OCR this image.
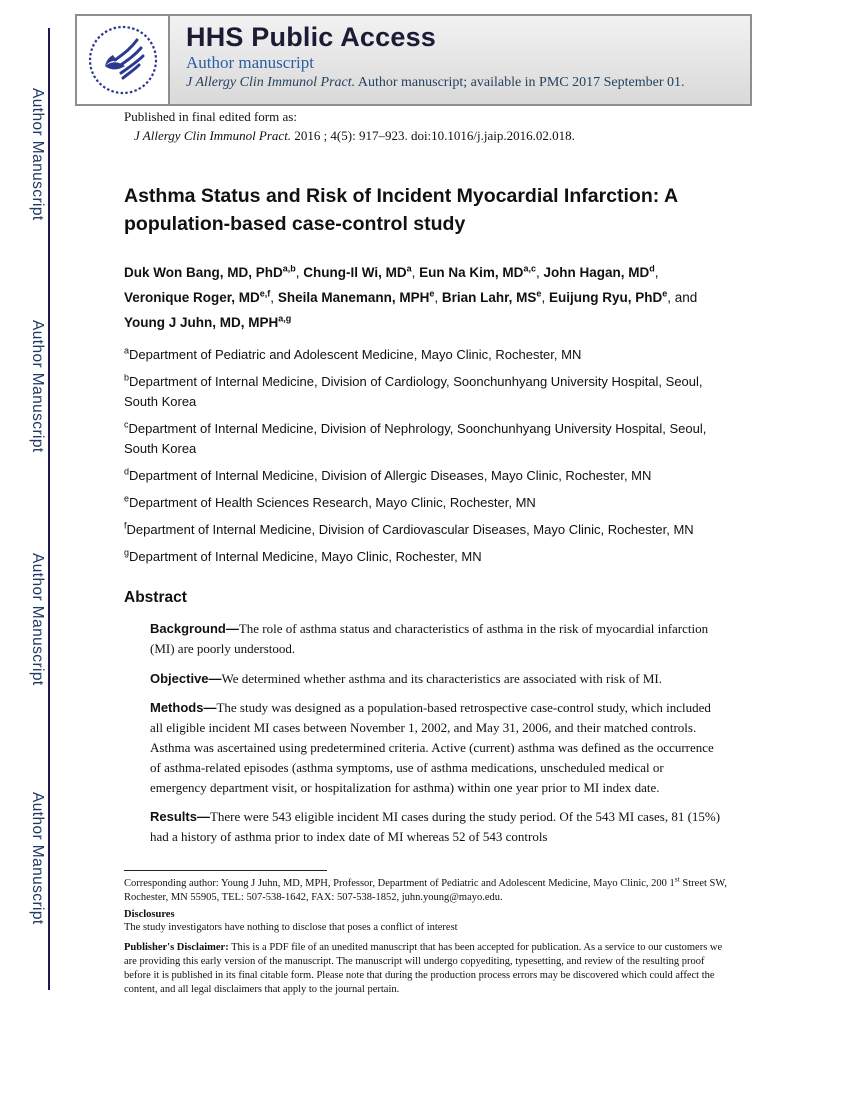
Author Manuscript
Author Manuscript
Author Manuscript
Author Manuscript
HHS Public Access
Author manuscript
J Allergy Clin Immunol Pract. Author manuscript; available in PMC 2017 September 01.
Published in final edited form as:
J Allergy Clin Immunol Pract. 2016 ; 4(5): 917–923. doi:10.1016/j.jaip.2016.02.018.
Asthma Status and Risk of Incident Myocardial Infarction: A population-based case-control study
Duk Won Bang, MD, PhD$^{a,b}$, Chung-Il Wi, $MD^a$, Eun Na Kim, MD$^{a,c}$, John Hagan, $MD^d$, Veronique Roger, MD$^{e,f}$, Sheila Manemann, MPH$^e$, Brian Lahr, $MS^e$, Euijung Ryu, PhD$^e$, and Young J Juhn, MD, MPH$^{a,g}$

$^a$Department of Pediatric and Adolescent Medicine, Mayo Clinic, Rochester, MN

$^b$Department of Internal Medicine, Division of Cardiology, Soonchunhyang University Hospital, Seoul, South Korea

$^c$Department of Internal Medicine, Division of Nephrology, Soonchunhyang University Hospital, Seoul, South Korea

$^d$Department of Internal Medicine, Division of Allergic Diseases, Mayo Clinic, Rochester, MN

$^e$Department of Health Sciences Research, Mayo Clinic, Rochester, MN

$^f$Department of Internal Medicine, Division of Cardiovascular Diseases, Mayo Clinic, Rochester, MN

$^g$Department of Internal Medicine, Mayo Clinic, Rochester, MN

Abstract

Background—The role of asthma status and characteristics of asthma in the risk of myocardial infarction (MI) are poorly understood.

Objective—We determined whether asthma and its characteristics are associated with risk of MI.

Methods—The study was designed as a population-based retrospective case-control study, which included all eligible incident MI cases between November 1, 2002, and May 31, 2006, and their matched controls. Asthma was ascertained using predetermined criteria. Active (current) asthma was defined as the occurrence of asthma-related episodes (asthma symptoms, use of asthma medications, unscheduled medical or emergency department visit, or hospitalization for asthma) within one year prior to MI index date.

Results—There were 543 eligible incident MI cases during the study period. Of the 543 MI cases, 81 (15%) had a history of asthma prior to index date of MI whereas 52 of 543 controls

Corresponding author: Young J Juhn, MD, MPH, Professor, Department of Pediatric and Adolescent Medicine, Mayo Clinic, 200 1st Street SW, Rochester, MN 55905, TEL: 507-538-1642, FAX: 507-538-1852, juhn.young@mayo.edu.

Disclosures

The study investigators have nothing to disclose that poses a conflict of interest

Publisher's Disclaimer: This is a PDF file of an unedited manuscript that has been accepted for publication. As a service to our customers we are providing this early version of the manuscript. The manuscript will undergo copyediting, typesetting, and review of the resulting proof before it is published in its final citable form. Please note that during the production process errors may be discovered which could affect the content, and all legal disclaimers that apply to the journal pertain.
